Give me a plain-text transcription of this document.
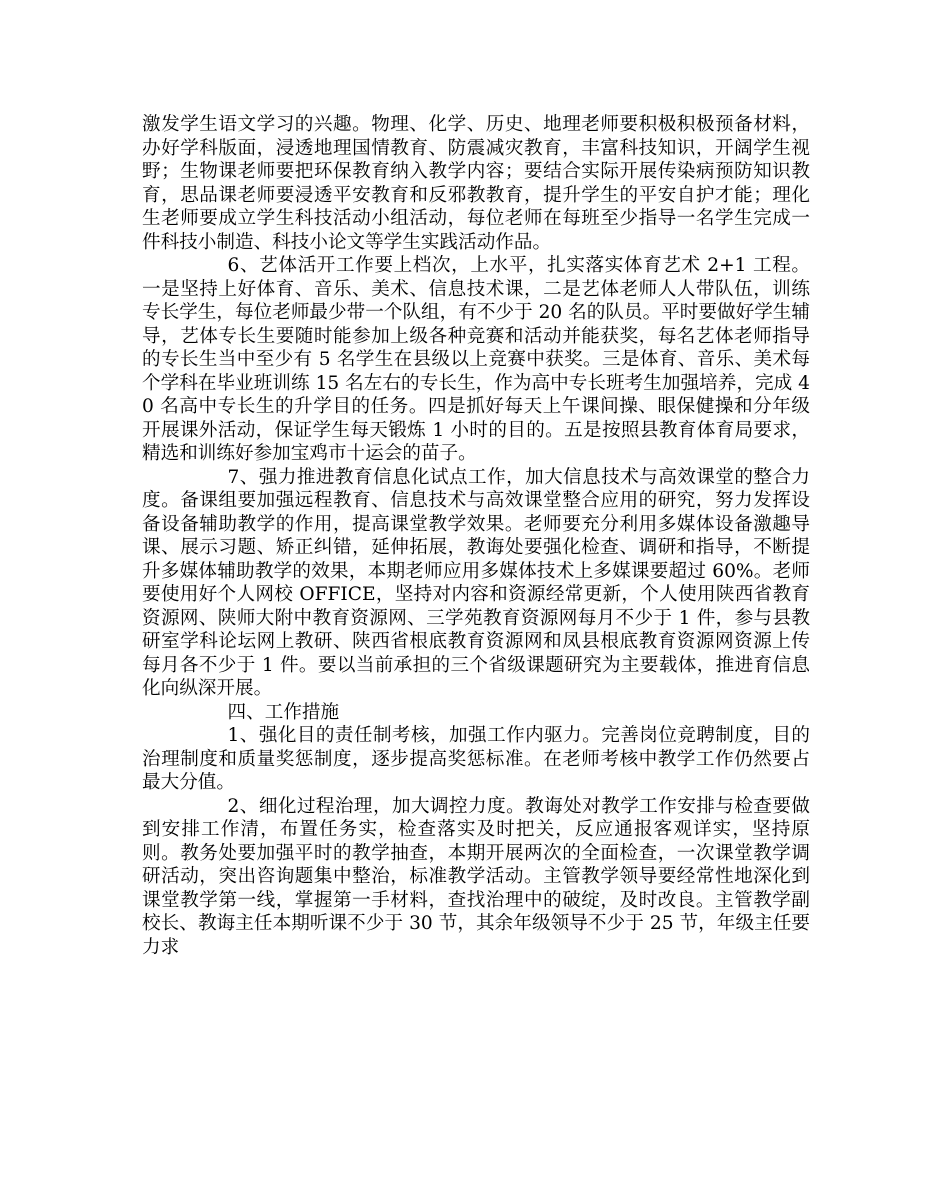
激发学生语文学习的兴趣。物理、化学、历史、地理老师要积极积极预备材料，办好学科版面，浸透地理国情教育、防震减灾教育，丰富科技知识，开阔学生视野；生物课老师要把环保教育纳入教学内容；要结合实际开展传染病预防知识教育，思品课老师要浸透平安教育和反邪教教育，提升学生的平安自护才能；理化生老师要成立学生科技活动小组活动，每位老师在每班至少指导一名学生完成一件科技小制造、科技小论文等学生实践活动作品。

6、艺体活开工作要上档次，上水平，扎实落实体育艺术 2+1 工程。一是坚持上好体育、音乐、美术、信息技术课，二是艺体老师人人带队伍，训练专长学生，每位老师最少带一个队组，有不少于 20 名的队员。平时要做好学生辅导，艺体专长生要随时能参加上级各种竞赛和活动并能获奖，每名艺体老师指导的专长生当中至少有 5 名学生在县级以上竞赛中获奖。三是体育、音乐、美术每个学科在毕业班训练 15 名左右的专长生，作为高中专长班考生加强培养，完成 40 名高中专长生的升学目的任务。四是抓好每天上午课间操、眼保健操和分年级开展课外活动，保证学生每天锻炼 1 小时的目的。五是按照县教育体育局要求，精选和训练好参加宝鸡市十运会的苗子。

7、强力推进教育信息化试点工作，加大信息技术与高效课堂的整合力度。备课组要加强远程教育、信息技术与高效课堂整合应用的研究，努力发挥设备设备辅助教学的作用，提高课堂教学效果。老师要充分利用多媒体设备激趣导课、展示习题、矫正纠错，延伸拓展，教诲处要强化检查、调研和指导，不断提升多媒体辅助教学的效果，本期老师应用多媒体技术上多媒课要超过 60%。老师要使用好个人网校 OFFICE，坚持对内容和资源经常更新，个人使用陕西省教育资源网、陕师大附中教育资源网、三学苑教育资源网每月不少于 1 件，参与县教研室学科论坛网上教研、陕西省根底教育资源网和凤县根底教育资源网资源上传每月各不少于 1 件。要以当前承担的三个省级课题研究为主要载体，推进育信息化向纵深开展。

四、工作措施

1、强化目的责任制考核，加强工作内驱力。完善岗位竞聘制度，目的治理制度和质量奖惩制度，逐步提高奖惩标准。在老师考核中教学工作仍然要占最大分值。

2、细化过程治理，加大调控力度。教诲处对教学工作安排与检查要做到安排工作清，布置任务实，检查落实及时把关，反应通报客观详实，坚持原则。教务处要加强平时的教学抽查，本期开展两次的全面检查，一次课堂教学调研活动，突出咨询题集中整治，标准教学活动。主管教学领导要经常性地深化到课堂教学第一线，掌握第一手材料，查找治理中的破绽，及时改良。主管教学副校长、教诲主任本期听课不少于 30 节，其余年级领导不少于 25 节，年级主任要力求
